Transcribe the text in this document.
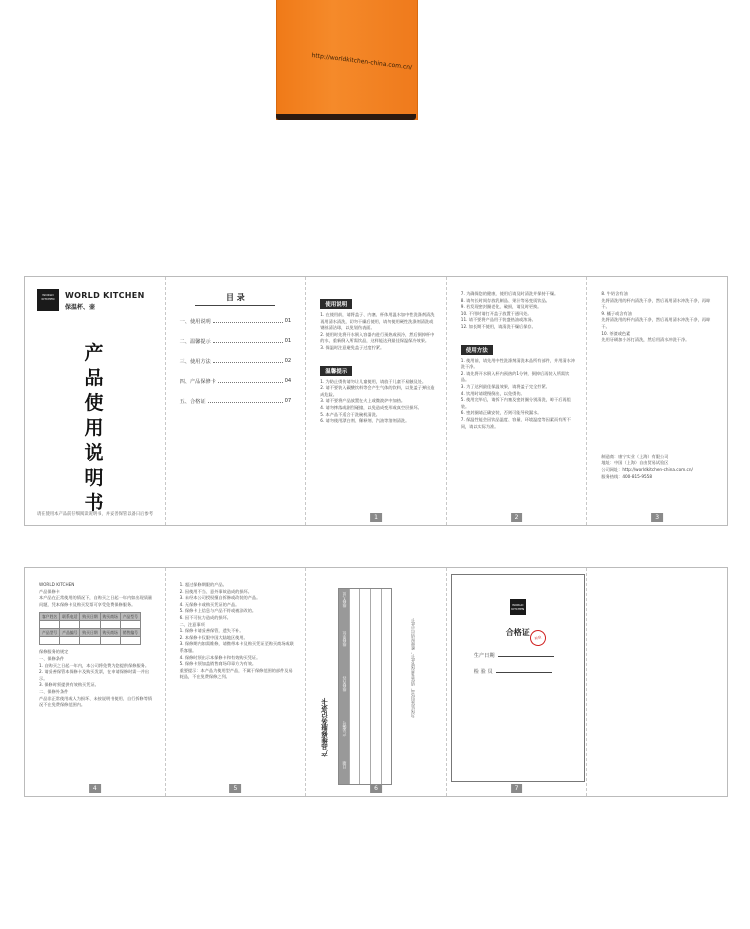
http://worldkitchen-china.com.cn/
WORLD KITCHEN	WORLD KITCHEN
保温杯、壶
产品使用说明书
请在使用本产品前仔细阅读说明书，并妥善保管以备日后参考
目 录
一、使用说明	01
二、温馨提示	01
三、使用方法	02
四、产品保修卡	04
五、合格证	07
使用说明
1. 在使用前，请将盖子、内塞、杯体用温水加中性洗涤剂清洗再用清水清洗，切勿干燥后使用，请勿使用硬性洗涤剂清洗或钢丝清洁球，以免划伤表面。
2. 使用时先将开水倒入容器内进行预热或预冷，然后倒掉杯中的水，重新倒入所需饮品，这样能达到最佳保温保冷效果。
3. 保温时注意避免盖子过度拧紧。
温馨提示
1. 为防止烫伤请勿让儿童使用，请放于儿童不易触及处。
2. 请不要装入碳酸饮料等会产生气体的饮料，以免盖子弹出造成危险。
3. 请不要将产品放置在火上或微波炉中加热。
4. 请勿摔落或剧烈碰撞，以免造成变形或真空层损坏。
5. 本产品不适合于洗碗机清洗。
6. 请勿使用漂白剂、稀释剂、汽油等溶剂清洗。
1
7. 为确保您的健康，使用后请及时清洗并保持干燥。
8. 请勿长时间存放乳制品、果汁等易变质饮品。
9. 若发现密封圈老化、破损，请及时更换。
10. 不用时请打开盖子放置于通风处。
11. 请不要将产品用于装盛热油或浓汤。
12. 如长期不使用，请清洗干燥后保存。
使用方法
1. 使用前，请先用中性洗涤剂清洗本品所有部件，并用清水冲洗干净。
2. 请先将开水倒入杯内预热约1分钟，倒掉后再装入所需饮品。
3. 为了达到最佳保温效果，请将盖子完全拧紧。
4. 饮用时请缓慢倒出，以免烫伤。
5. 使用完毕后，请拆下内塞及密封圈分别清洗，晾干后再组装。
6. 密封圈请正确安装，否则可能导致漏水。
7. 保温性能会因饮品温度、容量、环境温度等因素而有所不同，请以实际为准。
2
8. 牛奶含有油
先将清洗用的杯内清洗干净，然后再用清水冲洗干净，再晾干。
9. 橘子或含有油
先将清洗用的杯内清洗干净，然后再用清水冲洗干净，再晾干。
10. 茶渣或色素
先用牙刷加小苏打清洗，然后用清水冲洗干净。
制造商：康宁实业（上海）有限公司
地址：中国（上海）自由贸易试验区
公司网址：http://worldkitchen-china.com.cn/
服务热线：400-815-9558
3
WORLD KITCHEN
产品保修卡
本产品在正常使用的情况下，自购买之日起一年内如出现质量问题，凭本保修卡及购买发票可享受免费保修服务。
客户姓名	联系电话	购买日期	购买商场	产品型号

产品型号	产品编号	购买日期	购买商场	销售编号

保修服务的规定
一、保修条件
1. 自购买之日起一年内，本公司将免费为您提供保修服务。
2. 请妥善保管本保修卡及购买发票，在申请保修时需一并出示。
3. 保修时须提供有效购买凭证。
二、保修外条件
产品非正常使用或人为损坏、未按说明书使用、自行拆修等情况不在免费保修范围内。
4
1. 超过保修期限的产品。
2. 因使用不当、意外事故造成的损坏。
3. 未经本公司授权擅自拆修或改装的产品。
4. 无保修卡或购买凭证的产品。
5. 保修卡上信息与产品不符或被涂改的。
6. 因不可抗力造成的损坏。
二、注意事项
1. 保修卡请妥善保管，遗失不补。
2. 本保修卡仅限中国大陆地区使用。
3. 保修期内如需维修，请携带本卡及购买凭证至购买商场或联系客服。
4. 保修时须出示本保修卡和有效购买凭证。
5. 保修卡须加盖销售商场印章方为有效。
重要提示：本产品为使用型产品，不属于保修范围的部件及易耗品，不在免费保修之列。
5
产品维修服务记录卡
日期
产品编号
维修内容
维修单位
维修人员
为保证您的权益，请您妥善保管此卡，维修时请出示此卡
6
WORLD KITCHEN
合格证
生产日期
检 验 员
检验
7
